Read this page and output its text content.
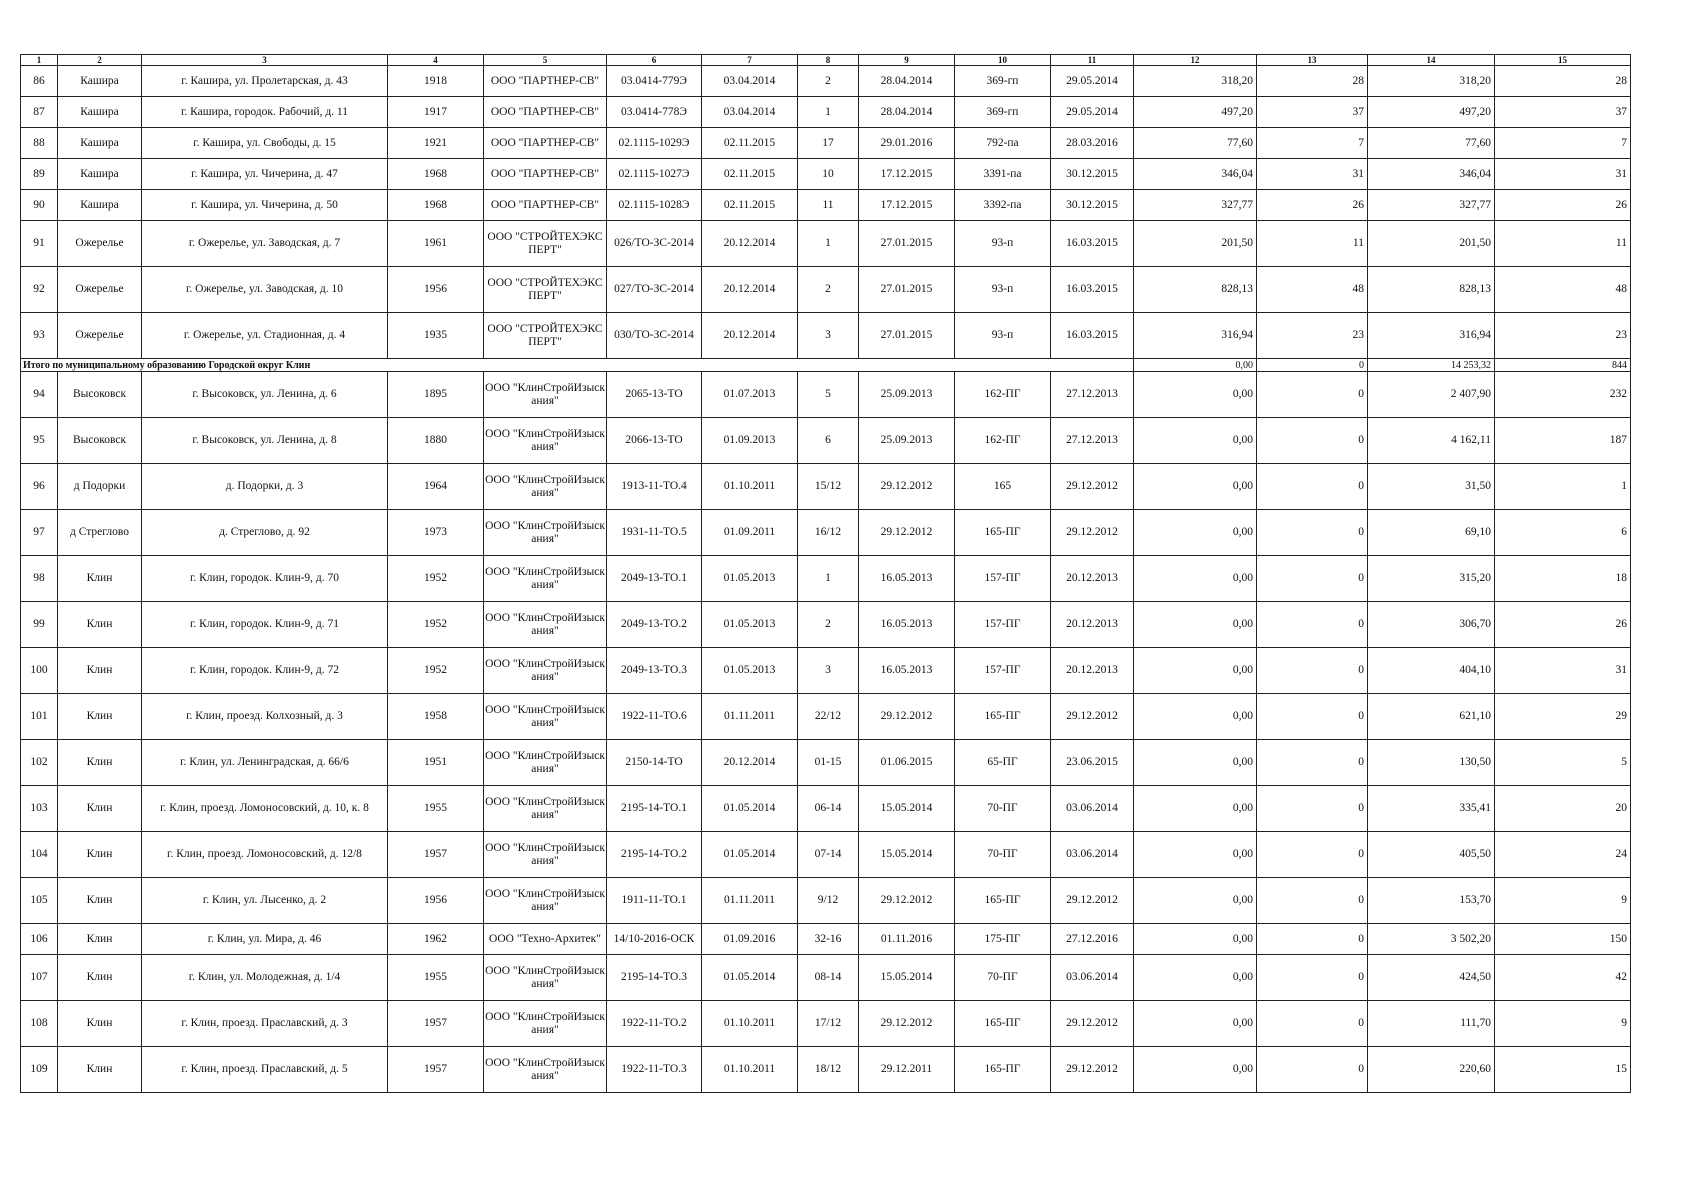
1	2	3	4	5	6	7	8	9	10	11	12	13	14	15
86	Кашира	г. Кашира, ул. Пролетарская, д. 43	1918	ООО "ПАРТНЕР-СВ"	03.0414-779Э	03.04.2014	2	28.04.2014	369-гп	29.05.2014	318,20	28	318,20	28
87	Кашира	г. Кашира, городок. Рабочий, д. 11	1917	ООО "ПАРТНЕР-СВ"	03.0414-778Э	03.04.2014	1	28.04.2014	369-гп	29.05.2014	497,20	37	497,20	37
88	Кашира	г. Кашира, ул. Свободы, д. 15	1921	ООО "ПАРТНЕР-СВ"	02.1115-1029Э	02.11.2015	17	29.01.2016	792-па	28.03.2016	77,60	7	77,60	7
89	Кашира	г. Кашира, ул. Чичерина, д. 47	1968	ООО "ПАРТНЕР-СВ"	02.1115-1027Э	02.11.2015	10	17.12.2015	3391-па	30.12.2015	346,04	31	346,04	31
90	Кашира	г. Кашира, ул. Чичерина, д. 50	1968	ООО "ПАРТНЕР-СВ"	02.1115-1028Э	02.11.2015	11	17.12.2015	3392-па	30.12.2015	327,77	26	327,77	26
91	Ожерелье	г. Ожерелье, ул. Заводская, д. 7	1961	ООО "СТРОЙТЕХЭКСПЕРТ"	026/ТО-ЗС-2014	20.12.2014	1	27.01.2015	93-п	16.03.2015	201,50	11	201,50	11
92	Ожерелье	г. Ожерелье, ул. Заводская, д. 10	1956	ООО "СТРОЙТЕХЭКСПЕРТ"	027/ТО-ЗС-2014	20.12.2014	2	27.01.2015	93-п	16.03.2015	828,13	48	828,13	48
93	Ожерелье	г. Ожерелье, ул. Стадионная, д. 4	1935	ООО "СТРОЙТЕХЭКСПЕРТ"	030/ТО-ЗС-2014	20.12.2014	3	27.01.2015	93-п	16.03.2015	316,94	23	316,94	23
Итого по муниципальному образованию Городской округ Клин											0,00	0	14 253,32	844
94	Высоковск	г. Высоковск, ул. Ленина, д. 6	1895	ООО "КлинСтройИзыскания"	2065-13-ТО	01.07.2013	5	25.09.2013	162-ПГ	27.12.2013	0,00	0	2 407,90	232
95	Высоковск	г. Высоковск, ул. Ленина, д. 8	1880	ООО "КлинСтройИзыскания"	2066-13-ТО	01.09.2013	6	25.09.2013	162-ПГ	27.12.2013	0,00	0	4 162,11	187
96	д Подорки	д. Подорки, д. 3	1964	ООО "КлинСтройИзыскания"	1913-11-ТО.4	01.10.2011	15/12	29.12.2012	165	29.12.2012	0,00	0	31,50	1
97	д Стреглово	д. Стреглово, д. 92	1973	ООО "КлинСтройИзыскания"	1931-11-ТО.5	01.09.2011	16/12	29.12.2012	165-ПГ	29.12.2012	0,00	0	69,10	6
98	Клин	г. Клин, городок. Клин-9, д. 70	1952	ООО "КлинСтройИзыскания"	2049-13-ТО.1	01.05.2013	1	16.05.2013	157-ПГ	20.12.2013	0,00	0	315,20	18
99	Клин	г. Клин, городок. Клин-9, д. 71	1952	ООО "КлинСтройИзыскания"	2049-13-ТО.2	01.05.2013	2	16.05.2013	157-ПГ	20.12.2013	0,00	0	306,70	26
100	Клин	г. Клин, городок. Клин-9, д. 72	1952	ООО "КлинСтройИзыскания"	2049-13-ТО.3	01.05.2013	3	16.05.2013	157-ПГ	20.12.2013	0,00	0	404,10	31
101	Клин	г. Клин, проезд. Колхозный, д. 3	1958	ООО "КлинСтройИзыскания"	1922-11-ТО.6	01.11.2011	22/12	29.12.2012	165-ПГ	29.12.2012	0,00	0	621,10	29
102	Клин	г. Клин, ул. Ленинградская, д. 66/6	1951	ООО "КлинСтройИзыскания"	2150-14-ТО	20.12.2014	01-15	01.06.2015	65-ПГ	23.06.2015	0,00	0	130,50	5
103	Клин	г. Клин, проезд. Ломоносовский, д. 10, к. 8	1955	ООО "КлинСтройИзыскания"	2195-14-ТО.1	01.05.2014	06-14	15.05.2014	70-ПГ	03.06.2014	0,00	0	335,41	20
104	Клин	г. Клин, проезд. Ломоносовский, д. 12/8	1957	ООО "КлинСтройИзыскания"	2195-14-ТО.2	01.05.2014	07-14	15.05.2014	70-ПГ	03.06.2014	0,00	0	405,50	24
105	Клин	г. Клин, ул. Лысенко, д. 2	1956	ООО "КлинСтройИзыскания"	1911-11-ТО.1	01.11.2011	9/12	29.12.2012	165-ПГ	29.12.2012	0,00	0	153,70	9
106	Клин	г. Клин, ул. Мира, д. 46	1962	ООО "Техно-Архитек"	14/10-2016-ОСК	01.09.2016	32-16	01.11.2016	175-ПГ	27.12.2016	0,00	0	3 502,20	150
107	Клин	г. Клин, ул. Молодежная, д. 1/4	1955	ООО "КлинСтройИзыскания"	2195-14-ТО.3	01.05.2014	08-14	15.05.2014	70-ПГ	03.06.2014	0,00	0	424,50	42
108	Клин	г. Клин, проезд. Праславский, д. 3	1957	ООО "КлинСтройИзыскания"	1922-11-ТО.2	01.10.2011	17/12	29.12.2012	165-ПГ	29.12.2012	0,00	0	111,70	9
109	Клин	г. Клин, проезд. Праславский, д. 5	1957	ООО "КлинСтройИзыскания"	1922-11-ТО.3	01.10.2011	18/12	29.12.2011	165-ПГ	29.12.2012	0,00	0	220,60	15
